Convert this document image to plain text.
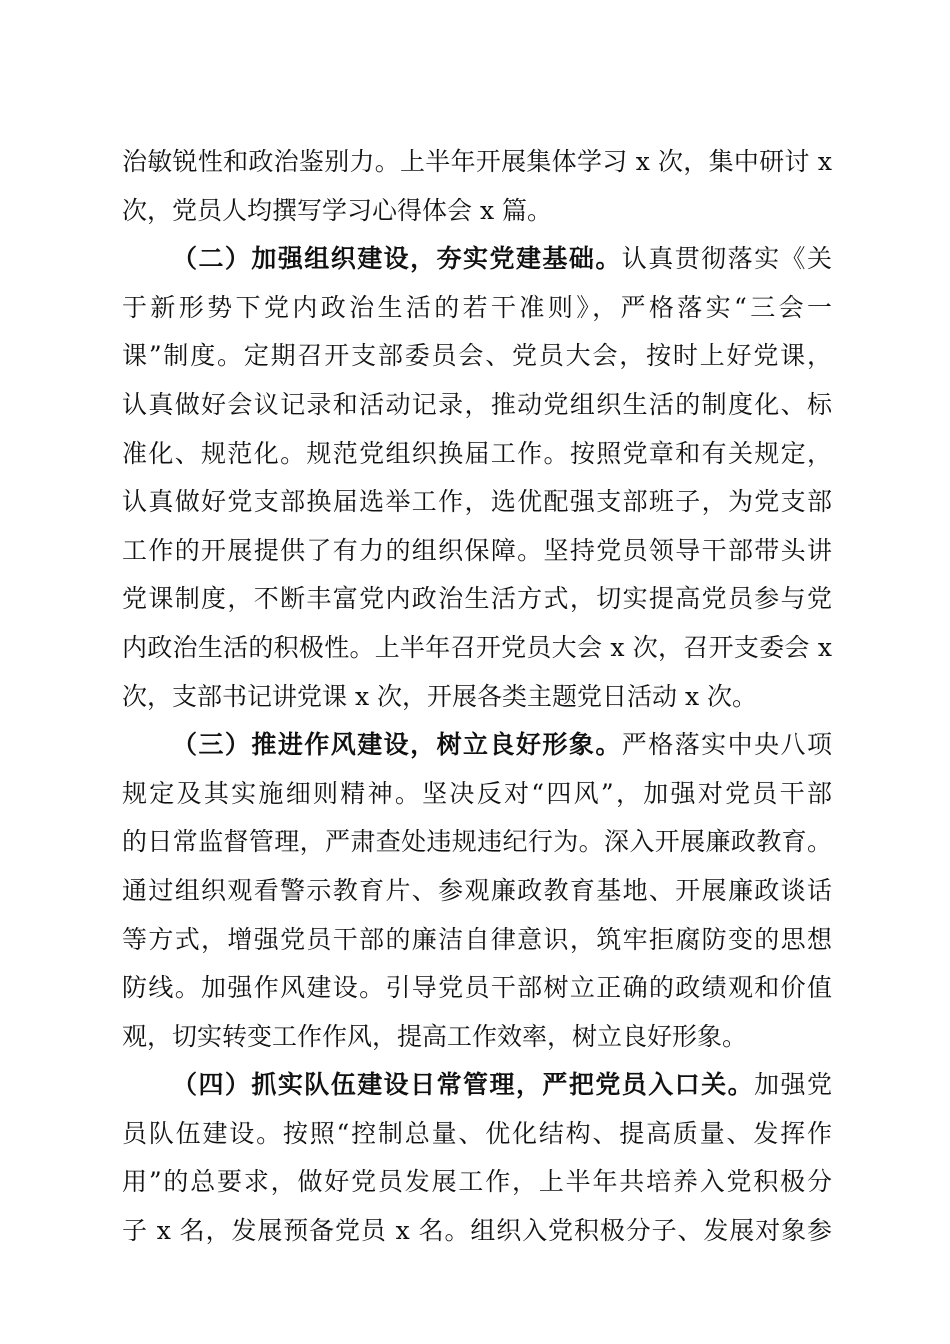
治敏锐性和政治鉴别力。上半年开展集体学习 x 次，集中研讨 x
次，党员人均撰写学习心得体会 x 篇。
（二）加强组织建设，夯实党建基础。认真贯彻落实《关
于新形势下党内政治生活的若干准则》，严格落实“三会一
课”制度。定期召开支部委员会、党员大会，按时上好党课，
认真做好会议记录和活动记录，推动党组织生活的制度化、标
准化、规范化。规范党组织换届工作。按照党章和有关规定，
认真做好党支部换届选举工作，选优配强支部班子，为党支部
工作的开展提供了有力的组织保障。坚持党员领导干部带头讲
党课制度，不断丰富党内政治生活方式，切实提高党员参与党
内政治生活的积极性。上半年召开党员大会 x 次，召开支委会 x
次，支部书记讲党课 x 次，开展各类主题党日活动 x 次。
（三）推进作风建设，树立良好形象。严格落实中央八项
规定及其实施细则精神。坚决反对“四风”，加强对党员干部
的日常监督管理，严肃查处违规违纪行为。深入开展廉政教育。
通过组织观看警示教育片、参观廉政教育基地、开展廉政谈话
等方式，增强党员干部的廉洁自律意识，筑牢拒腐防变的思想
防线。加强作风建设。引导党员干部树立正确的政绩观和价值
观，切实转变工作作风，提高工作效率，树立良好形象。
（四）抓实队伍建设日常管理，严把党员入口关。加强党
员队伍建设。按照“控制总量、优化结构、提高质量、发挥作
用”的总要求，做好党员发展工作，上半年共培养入党积极分
子 x 名，发展预备党员 x 名。组织入党积极分子、发展对象参
